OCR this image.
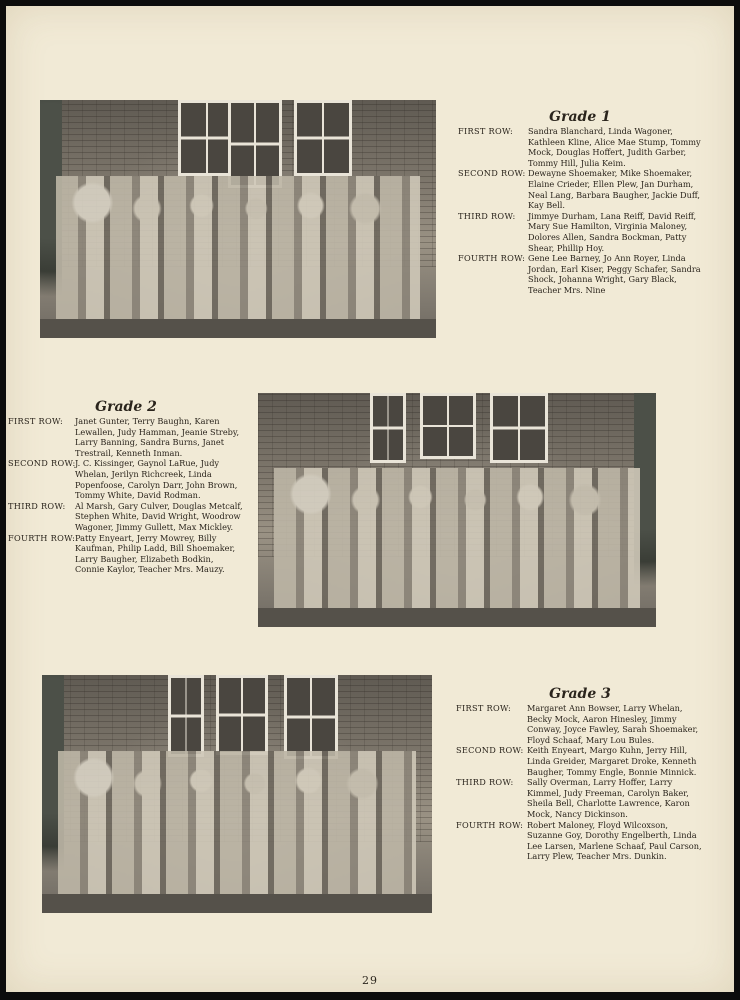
Grade 1
FIRST ROW:	Sandra Blanchard, Linda Wagoner, Kathleen Kline, Alice Mae Stump, Tommy Mock, Douglas Hoffert, Judith Garber, Tommy Hill, Julia Keim.
SECOND ROW: Dewayne Shoemaker, Mike Shoemaker, Elaine Crieder, Ellen Plew, Jan Durham, Neal Lang, Barbara Baugher, Jackie Duff, Kay Bell.
THIRD ROW:	Jimmye Durham, Lana Reiff, David Reiff, Mary Sue Hamilton, Virginia Maloney, Dolores Allen, Sandra Bockman, Patty Shear, Phillip Hoy.
FOURTH ROW: Gene Lee Barney, Jo Ann Royer, Linda Jordan, Earl Kiser, Peggy Schafer, Sandra Shock, Johanna Wright, Gary Black, Teacher Mrs. Nine
Grade 2
FIRST ROW:	Janet Gunter, Terry Baughn, Karen Lewallen, Judy Hamman, Jeanie Streby, Larry Banning, Sandra Burns, Janet Trestrail, Kenneth Inman.
SECOND ROW: J. C. Kissinger, Gaynol LaRue, Judy Whelan, Jerilyn Richcreek, Linda Popenfoose, Carolyn Darr, John Brown, Tommy White, David Rodman.
THIRD ROW:	Al Marsh, Gary Culver, Douglas Metcalf, Stephen White, David Wright, Woodrow Wagoner, Jimmy Gullett, Max Mickley.
FOURTH ROW: Patty Enyeart, Jerry Mowrey, Billy Kaufman, Philip Ladd, Bill Shoemaker, Larry Baugher, Elizabeth Bodkin, Connie Kaylor, Teacher Mrs. Mauzy.
Grade 3
FIRST ROW:	Margaret Ann Bowser, Larry Whelan, Becky Mock, Aaron Hinesley, Jimmy Conway, Joyce Fawley, Sarah Shoemaker, Floyd Schaaf, Mary Lou Bules.
SECOND ROW: Keith Enyeart, Margo Kuhn, Jerry Hill, Linda Greider, Margaret Droke, Kenneth Baugher, Tommy Engle, Bonnie Minnick.
THIRD ROW:	Sally Overman, Larry Hoffer, Larry Kimmel, Judy Freeman, Carolyn Baker, Sheila Bell, Charlotte Lawrence, Karon Mock, Nancy Dickinson.
FOURTH ROW: Robert Maloney, Floyd Wilcoxson, Suzanne Goy, Dorothy Engelberth, Linda Lee Larsen, Marlene Schaaf, Paul Carson, Larry Plew, Teacher Mrs. Dunkin.
29
